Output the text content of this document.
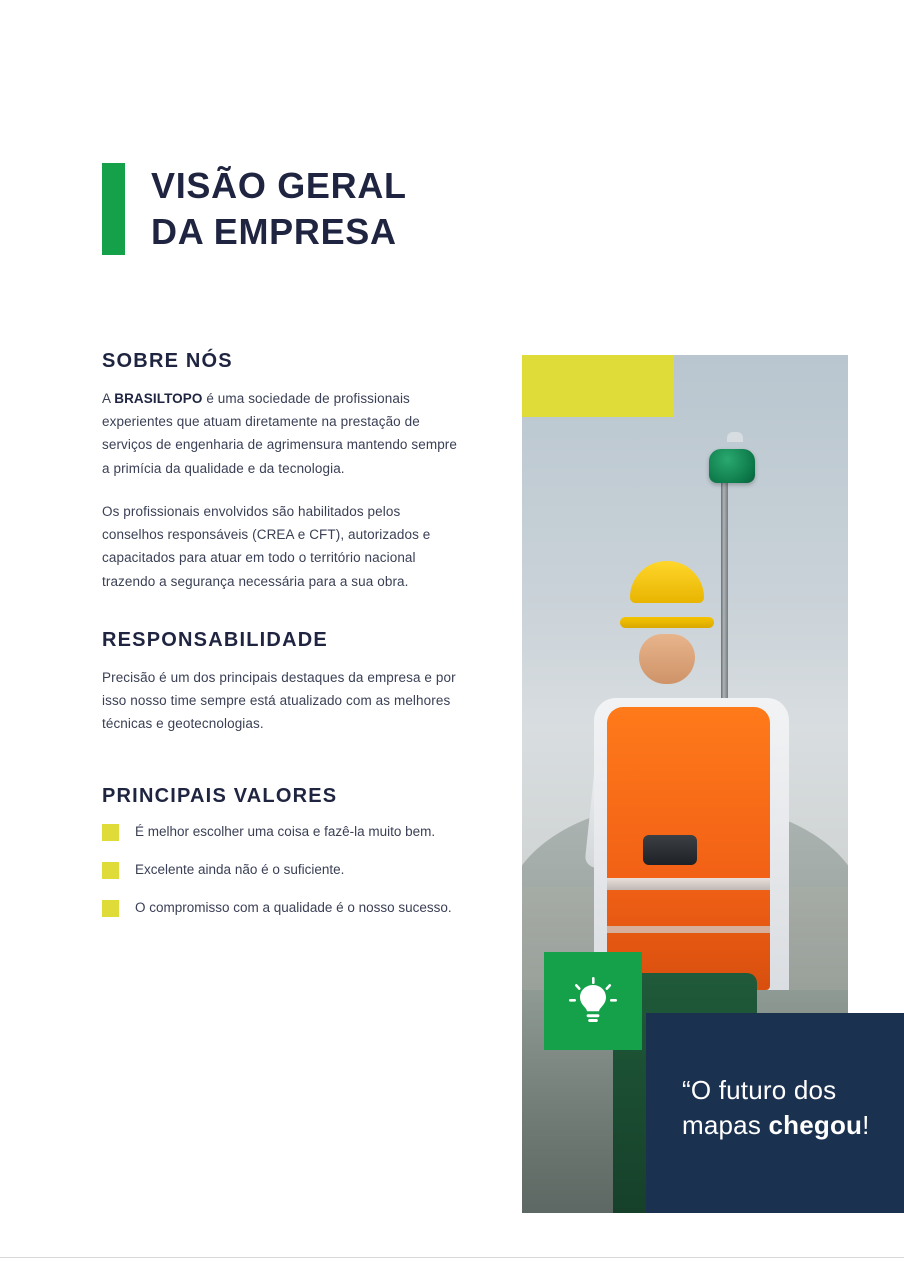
VISÃO GERAL
DA EMPRESA
SOBRE NÓS

A BRASILTOPO é uma sociedade de profissionais experientes que atuam diretamente na prestação de serviços de engenharia de agrimensura mantendo sempre a primícia da qualidade e da tecnologia.

Os profissionais envolvidos são habilitados pelos conselhos responsáveis (CREA e CFT), autorizados e capacitados para atuar em todo o território nacional trazendo a segurança necessária para a sua obra.

RESPONSABILIDADE

Precisão é um dos principais destaques da empresa e por isso nosso time sempre está atualizado com as melhores técnicas e geotecnologias.

PRINCIPAIS VALORES
É melhor escolher uma coisa e fazê-la muito bem.
Excelente ainda não é o suficiente.
O compromisso com a qualidade é o nosso sucesso.
“O futuro dos
mapas chegou!
